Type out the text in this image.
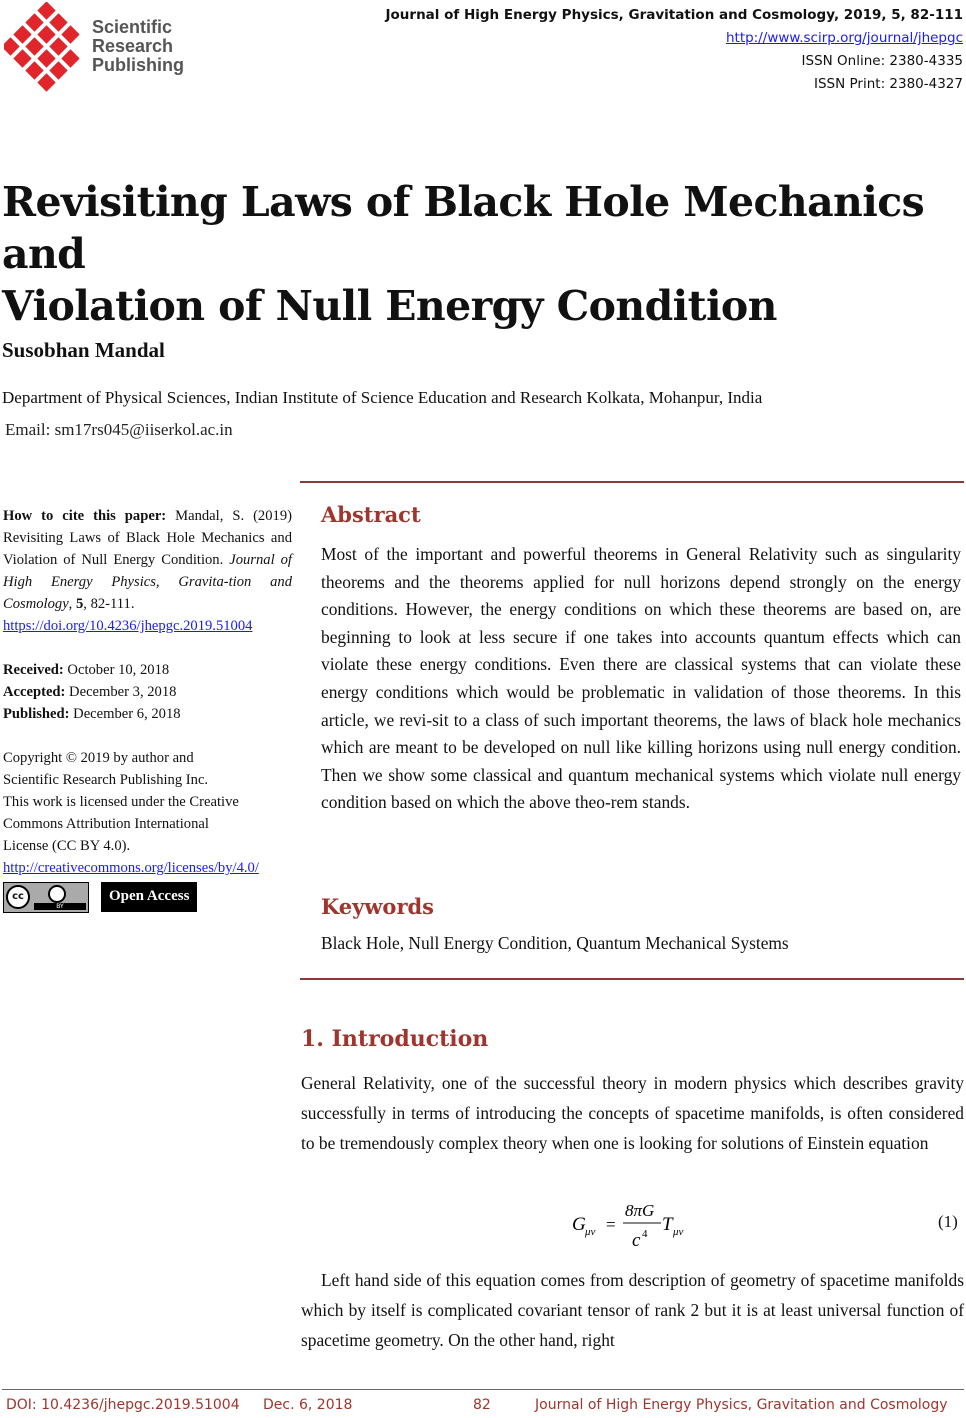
Scientific
Research
Publishing
Journal of High Energy Physics, Gravitation and Cosmology, 2019, 5, 82-111
http://www.scirp.org/journal/jhepgc
ISSN Online: 2380-4335
ISSN Print: 2380-4327
Revisiting Laws of Black Hole Mechanics and
Violation of Null Energy Condition
Susobhan Mandal
Department of Physical Sciences, Indian Institute of Science Education and Research Kolkata, Mohanpur, India
Email: sm17rs045@iiserkol.ac.in

How to cite this paper: Mandal, S. (2019) Revisiting Laws of Black Hole Mechanics and Violation of Null Energy Condition. Journal of High Energy Physics, Gravita-tion and Cosmology, 5, 82-111.

https://doi.org/10.4236/jhepgc.2019.51004

Received: October 10, 2018

Accepted: December 3, 2018

Published: December 6, 2018

Copyright © 2019 by author and

Scientific Research Publishing Inc.

This work is licensed under the Creative

Commons Attribution International

License (CC BY 4.0).

http://creativecommons.org/licenses/by/4.0/

cc
BY
Open Access
Abstract
Most of the important and powerful theorems in General Relativity such as singularity theorems and the theorems applied for null horizons depend strongly on the energy conditions. However, the energy conditions on which these theorems are based on, are beginning to look at less secure if one takes into accounts quantum effects which can violate these energy conditions. Even there are classical systems that can violate these energy conditions which would be problematic in validation of those theorems. In this article, we revi-sit to a class of such important theorems, the laws of black hole mechanics which are meant to be developed on null like killing horizons using null energy condition. Then we show some classical and quantum mechanical systems which violate null energy condition based on which the above theo-rem stands.
Keywords
Black Hole, Null Energy Condition, Quantum Mechanical Systems
1. Introduction
General Relativity, one of the successful theory in modern physics which describes gravity successfully in terms of introducing the concepts of spacetime manifolds, is often considered to be tremendously complex theory when one is looking for solutions of Einstein equation
G μν =
8πG
c 4 T μν
(1)
Left hand side of this equation comes from description of geometry of spacetime manifolds which by itself is complicated covariant tensor of rank 2 but it is at least universal function of spacetime geometry. On the other hand, right
DOI: 10.4236/jhepgc.2019.51004 Dec. 6, 2018	82	Journal of High Energy Physics, Gravitation and Cosmology
